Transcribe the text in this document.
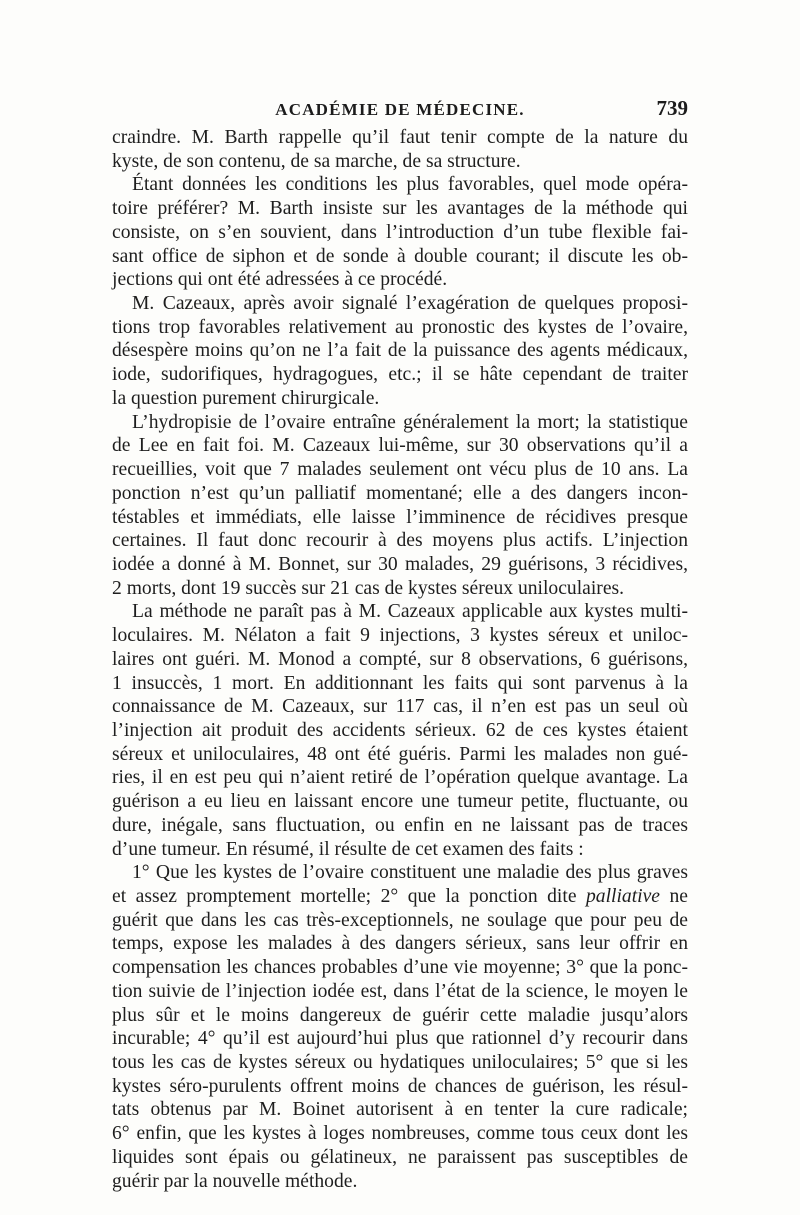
ACADÉMIE DE MÉDECINE.	739
craindre. M. Barth rappelle qu’il faut tenir compte de la nature du
kyste, de son contenu, de sa marche, de sa structure.
Étant données les conditions les plus favorables, quel mode opéra-
toire préférer? M. Barth insiste sur les avantages de la méthode qui
consiste, on s’en souvient, dans l’introduction d’un tube flexible fai-
sant office de siphon et de sonde à double courant; il discute les ob-
jections qui ont été adressées à ce procédé.
M. Cazeaux, après avoir signalé l’exagération de quelques proposi-
tions trop favorables relativement au pronostic des kystes de l’ovaire,
désespère moins qu’on ne l’a fait de la puissance des agents médicaux,
iode, sudorifiques, hydragogues, etc.; il se hâte cependant de traiter
la question purement chirurgicale.
L’hydropisie de l’ovaire entraîne généralement la mort; la statistique
de Lee en fait foi. M. Cazeaux lui-même, sur 30 observations qu’il a
recueillies, voit que 7 malades seulement ont vécu plus de 10 ans. La
ponction n’est qu’un palliatif momentané; elle a des dangers incon-
téstables et immédiats, elle laisse l’imminence de récidives presque
certaines. Il faut donc recourir à des moyens plus actifs. L’injection
iodée a donné à M. Bonnet, sur 30 malades, 29 guérisons, 3 récidives,
2 morts, dont 19 succès sur 21 cas de kystes séreux uniloculaires.
La méthode ne paraît pas à M. Cazeaux applicable aux kystes multi-
loculaires. M. Nélaton a fait 9 injections, 3 kystes séreux et uniloc-
laires ont guéri. M. Monod a compté, sur 8 observations, 6 guérisons,
1 insuccès, 1 mort. En additionnant les faits qui sont parvenus à la
connaissance de M. Cazeaux, sur 117 cas, il n’en est pas un seul où
l’injection ait produit des accidents sérieux. 62 de ces kystes étaient
séreux et uniloculaires, 48 ont été guéris. Parmi les malades non gué-
ries, il en est peu qui n’aient retiré de l’opération quelque avantage. La
guérison a eu lieu en laissant encore une tumeur petite, fluctuante, ou
dure, inégale, sans fluctuation, ou enfin en ne laissant pas de traces
d’une tumeur. En résumé, il résulte de cet examen des faits :
1° Que les kystes de l’ovaire constituent une maladie des plus graves
et assez promptement mortelle; 2° que la ponction dite palliative ne
guérit que dans les cas très-exceptionnels, ne soulage que pour peu de
temps, expose les malades à des dangers sérieux, sans leur offrir en
compensation les chances probables d’une vie moyenne; 3° que la ponc-
tion suivie de l’injection iodée est, dans l’état de la science, le moyen le
plus sûr et le moins dangereux de guérir cette maladie jusqu’alors
incurable; 4° qu’il est aujourd’hui plus que rationnel d’y recourir dans
tous les cas de kystes séreux ou hydatiques uniloculaires; 5° que si les
kystes séro-purulents offrent moins de chances de guérison, les résul-
tats obtenus par M. Boinet autorisent à en tenter la cure radicale;
6° enfin, que les kystes à loges nombreuses, comme tous ceux dont les
liquides sont épais ou gélatineux, ne paraissent pas susceptibles de
guérir par la nouvelle méthode.
